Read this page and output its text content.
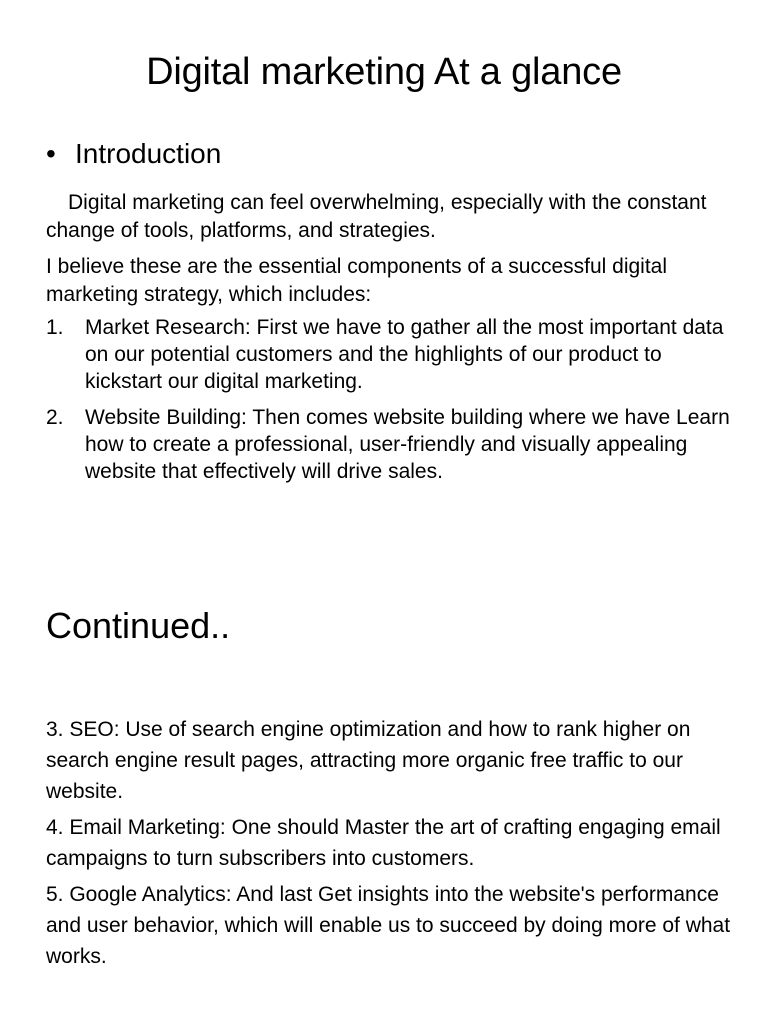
Digital marketing At a glance
• Introduction
Digital marketing can feel overwhelming, especially with the constant change of tools, platforms, and strategies.
I believe these are the essential components of a successful digital marketing strategy, which includes:
1.	Market Research: First we have to gather all the most important data on our potential customers and the highlights of our product to kickstart our digital marketing.
2.	Website Building: Then comes website building where we have Learn how to create a professional, user-friendly and visually appealing website that effectively will drive sales.
Continued..
3. SEO: Use of search engine optimization and how to rank higher on search engine result pages, attracting more organic free traffic to our website.
4. Email Marketing: One should Master the art of crafting engaging email campaigns to turn subscribers into customers.
5. Google Analytics: And last Get insights into the website's performance and user behavior, which will enable us to succeed by doing more of what works.
